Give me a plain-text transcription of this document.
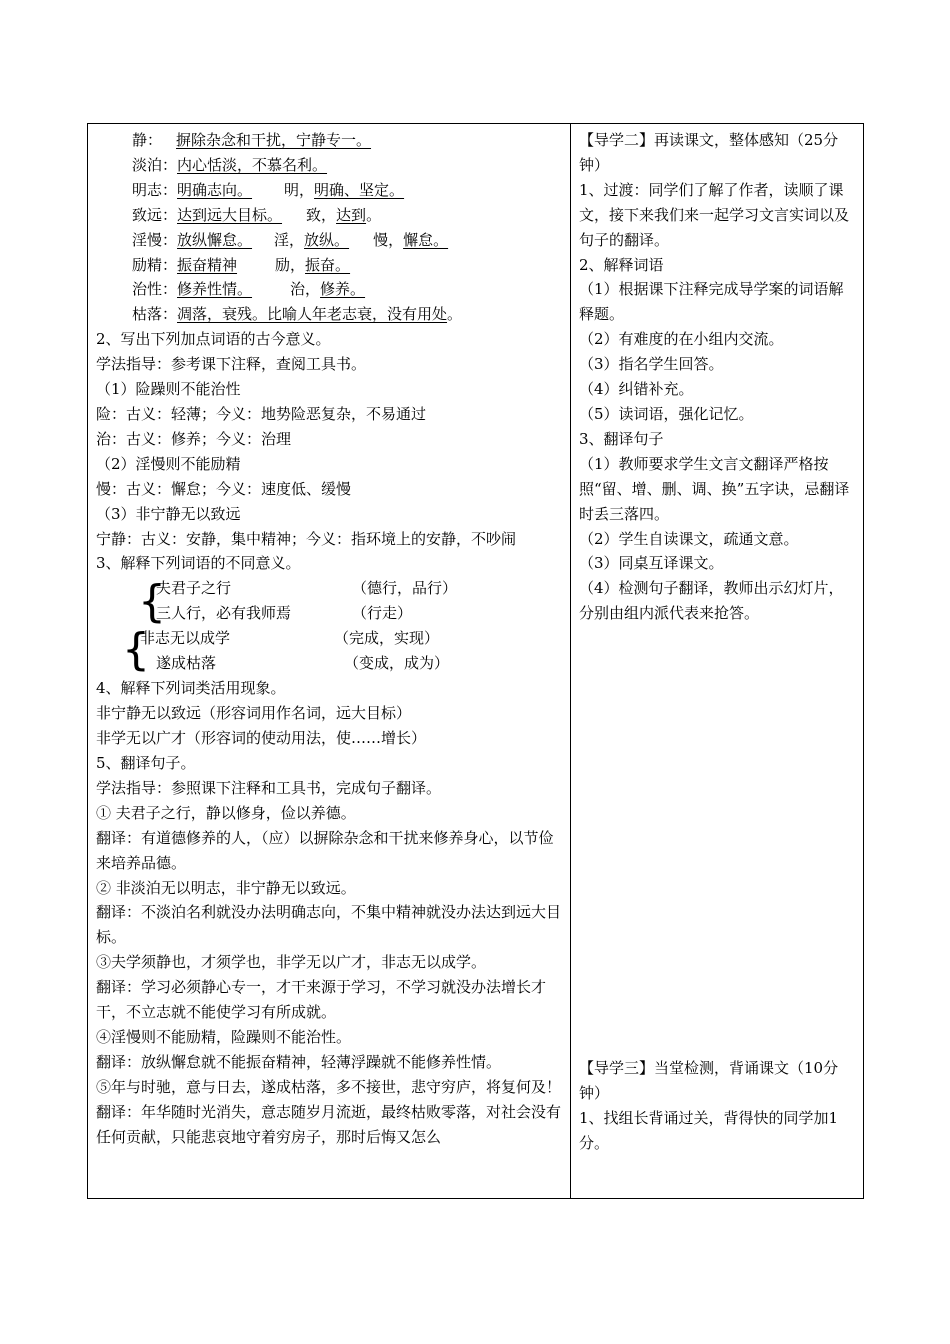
静： 摒除杂念和干扰，宁静专一。
淡泊：内心恬淡，不慕名利。
明志：明确志向。 明，明确、坚定。
致远：达到远大目标。 致，达到。
淫慢：放纵懈怠。 淫，放纵。 慢，懈怠。
励精：振奋精神	励，振奋。
治性：修养性情。	治，修养。
枯落：凋落，衰残。比喻人年老志衰，没有用处。
2、写出下列加点词语的古今意义。
学法指导：参考课下注释，查阅工具书。
（1）险躁则不能治性
险：古义：轻薄；今义：地势险恶复杂，不易通过
治：古义：修养；今义：治理
（2）淫慢则不能励精
慢：古义：懈怠；今义：速度低、缓慢
（3）非宁静无以致远
宁静：古义：安静，集中精神；今义：指环境上的安静，不吵闹
3、解释下列词语的不同意义。
{
{
夫君子之行	（德行，品行）
三人行，必有我师焉	（行走）
非志无以成学	（完成，实现）
遂成枯落	（变成，成为）
4、解释下列词类活用现象。
非宁静无以致远（形容词用作名词，远大目标）
非学无以广才（形容词的使动用法，使……增长）
5、翻译句子。
学法指导：参照课下注释和工具书，完成句子翻译。
① 夫君子之行，静以修身，俭以养德。
翻译：有道德修养的人，（应）以摒除杂念和干扰来修养身心，以节俭来培养品德。
② 非淡泊无以明志，非宁静无以致远。
翻译：不淡泊名利就没办法明确志向，不集中精神就没办法达到远大目标。
③夫学须静也，才须学也，非学无以广才，非志无以成学。
翻译：学习必须静心专一，才干来源于学习，不学习就没办法增长才干，不立志就不能使学习有所成就。
④淫慢则不能励精，险躁则不能治性。
翻译：放纵懈怠就不能振奋精神，轻薄浮躁就不能修养性情。
⑤年与时驰，意与日去，遂成枯落，多不接世，悲守穷庐，将复何及！
翻译：年华随时光消失，意志随岁月流逝，最终枯败零落，对社会没有任何贡献，只能悲哀地守着穷房子，那时后悔又怎么

【导学二】再读课文，整体感知（25分钟）
1、过渡：同学们了解了作者，读顺了课文，接下来我们来一起学习文言实词以及句子的翻译。
2、解释词语
（1）根据课下注释完成导学案的词语解释题。
（2）有难度的在小组内交流。
（3）指名学生回答。
（4）纠错补充。
（5）读词语，强化记忆。
3、翻译句子
（1）教师要求学生文言文翻译严格按照“留、增、删、调、换”五字诀，忌翻译时丢三落四。
（2）学生自读课文，疏通文意。
（3）同桌互译课文。
（4）检测句子翻译，教师出示幻灯片，分别由组内派代表来抢答。
【导学三】当堂检测，背诵课文（10分钟）
1、找组长背诵过关，背得快的同学加1分。
